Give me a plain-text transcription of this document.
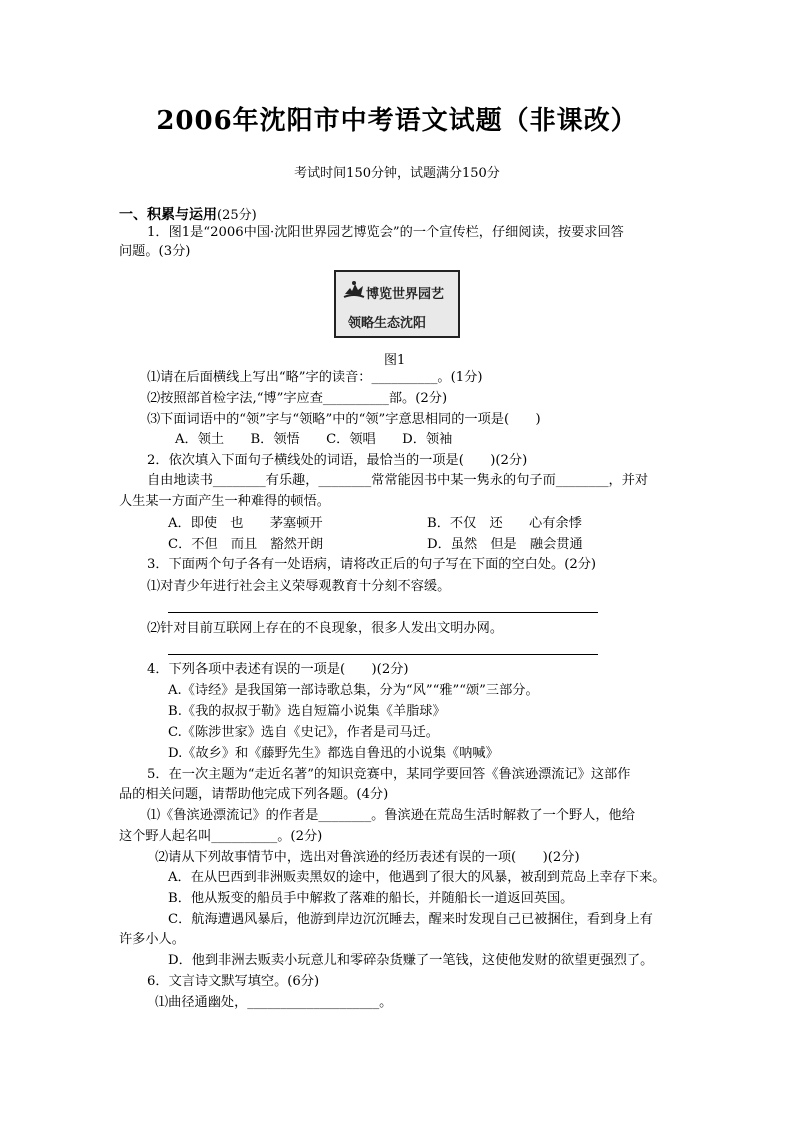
2006年沈阳市中考语文试题（非课改）
考试时间150分钟，试题满分150分
一、积累与运用(25分)
1．图1是“2006中国·沈阳世界园艺博览会”的一个宣传栏，仔细阅读，按要求回答
问题。(3分)
博览世界园艺
领略生态沈阳
图1
⑴请在后面横线上写出“略”字的读音：__________。(1分)
⑵按照部首检字法,“博”字应查__________部。(2分)
⑶下面词语中的“领”字与“领略”中的“领”字意思相同的一项是(　　)
A．领土　　B．领悟　　C．领唱　　D．领袖
2．依次填入下面句子横线处的词语，最恰当的一项是(　　)(2分)
自由地读书________有乐趣，________常常能因书中某一隽永的句子而________，并对
人生某一方面产生一种难得的顿悟。
A．即使　也　　茅塞顿开	B．不仅　还　　心有余悸
C．不但　而且　豁然开朗	D．虽然　但是　融会贯通
3．下面两个句子各有一处语病，请将改正后的句子写在下面的空白处。(2分)
⑴对青少年进行社会主义荣辱观教育十分刻不容缓。
⑵针对目前互联网上存在的不良现象，很多人发出文明办网。
4．下列各项中表述有误的一项是(　　)(2分)
A.《诗经》是我国第一部诗歌总集，分为“风”“雅”“颂”三部分。
B.《我的叔叔于勒》选自短篇小说集《羊脂球》
C.《陈涉世家》选自《史记》，作者是司马迁。
D.《故乡》和《藤野先生》都选自鲁迅的小说集《呐喊》
5．在一次主题为“走近名著”的知识竞赛中，某同学要回答《鲁滨逊漂流记》这部作
品的相关问题，请帮助他完成下列各题。(4分)
⑴《鲁滨逊漂流记》的作者是________。鲁滨逊在荒岛生活时解救了一个野人，他给
这个野人起名叫__________。(2分)
⑵请从下列故事情节中，选出对鲁滨逊的经历表述有误的一项(　　)(2分)
A．在从巴西到非洲贩卖黑奴的途中，他遇到了很大的风暴，被刮到荒岛上幸存下来。
B．他从叛变的船员手中解救了落难的船长，并随船长一道返回英国。
C．航海遭遇风暴后，他游到岸边沉沉睡去，醒来时发现自己已被捆住，看到身上有
许多小人。
D．他到非洲去贩卖小玩意儿和零碎杂货赚了一笔钱，这使他发财的欲望更强烈了。
6．文言诗文默写填空。(6分)
⑴曲径通幽处，____________________。
